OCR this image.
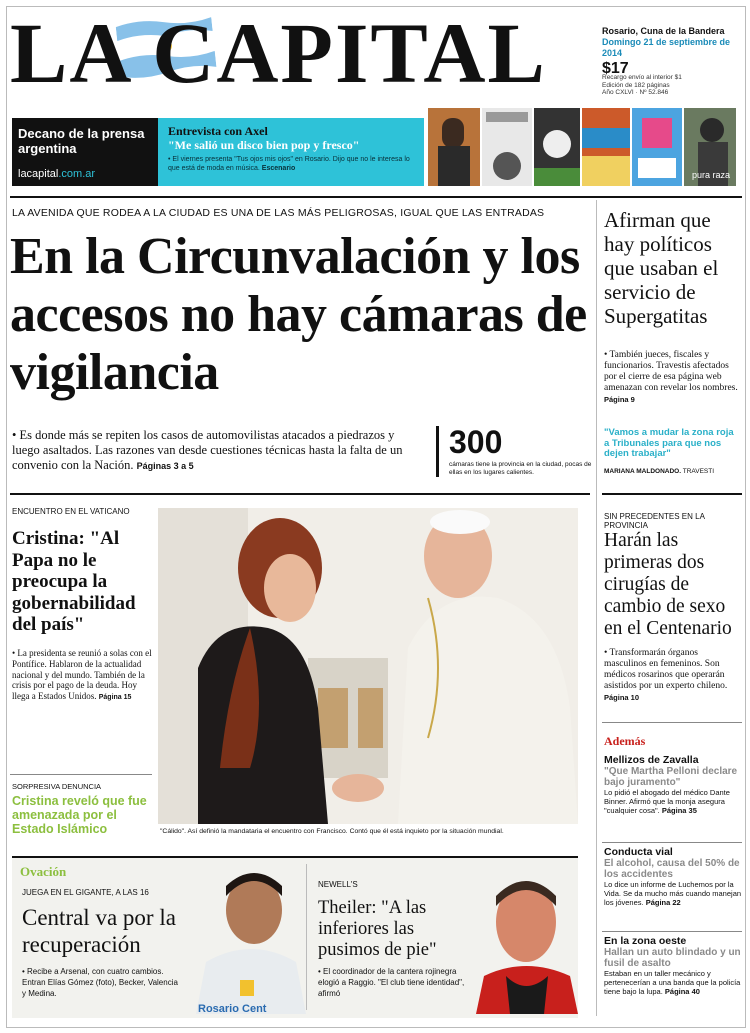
LA CAPITAL	Rosario, Cuna de la Bandera
Domingo 21 de septiembre de 2014
$17
Recargo envío al interior $1
Edición de 182 páginas
Año CXLVI · Nº 52.846
Decano de la prensa argentina
lacapital.com.ar
Entrevista con Axel
"Me salió un disco bien pop y fresco"
• El viernes presenta "Tus ojos mis ojos" en Rosario. Dijo que no le interesa lo que está de moda en música. Escenario
pura raza
LA AVENIDA QUE RODEA A LA CIUDAD ES UNA DE LAS MÁS PELIGROSAS, IGUAL QUE LAS ENTRADAS
En la Circunvalación y los accesos no hay cámaras de vigilancia
• Es donde más se repiten los casos de automovilistas atacados a piedrazos y luego asaltados. Las razones van desde cuestiones técnicas hasta la falta de un convenio con la Nación. Páginas 3 a 5
300
cámaras tiene la provincia en la ciudad, pocas de ellas en los lugares calientes.
Afirman que hay políticos que usaban el servicio de Supergatitas
• También jueces, fiscales y funcionarios. Travestis afectados por el cierre de esa página web amenazan con revelar los nombres. Página 9
"Vamos a mudar la zona roja a Tribunales para que nos dejen trabajar"
MARIANA MALDONADO. TRAVESTI
SIN PRECEDENTES EN LA PROVINCIA
Harán las primeras dos cirugías de cambio de sexo en el Centenario
• Transformarán órganos masculinos en femeninos. Son médicos rosarinos que operarán asistidos por un experto chileno. Página 10
Además
Mellizos de Zavalla
"Que Martha Pelloni declare bajo juramento"
Lo pidió el abogado del médico Dante Binner. Afirmó que la monja asegura "cualquier cosa". Página 35
Conducta vial
El alcohol, causa del 50% de los accidentes
Lo dice un informe de Luchemos por la Vida. Se da mucho más cuando manejan los jóvenes. Página 22
En la zona oeste
Hallan un auto blindado y un fusil de asalto
Estaban en un taller mecánico y pertenecerían a una banda que la policía tiene bajo la lupa. Página 40
ENCUENTRO EN EL VATICANO
Cristina: "Al Papa no le preocupa la gobernabilidad del país"
• La presidenta se reunió a solas con el Pontífice. Hablaron de la actualidad nacional y del mundo. También de la crisis por el pago de la deuda. Hoy llega a Estados Unidos. Página 15
SORPRESIVA DENUNCIA
Cristina reveló que fue amenazada por el Estado Islámico	"Cálido". Así definió la mandataria el encuentro con Francisco. Contó que él está inquieto por la situación mundial.
Ovación
JUEGA EN EL GIGANTE, A LAS 16
Central va por la recuperación
• Recibe a Arsenal, con cuatro cambios. Entran Elías Gómez (foto), Becker, Valencia y Medina.
Rosario Cent
NEWELL'S
Theiler: "A las inferiores las pusimos de pie"
• El coordinador de la cantera rojinegra elogió a Raggio. "El club tiene identidad", afirmó
